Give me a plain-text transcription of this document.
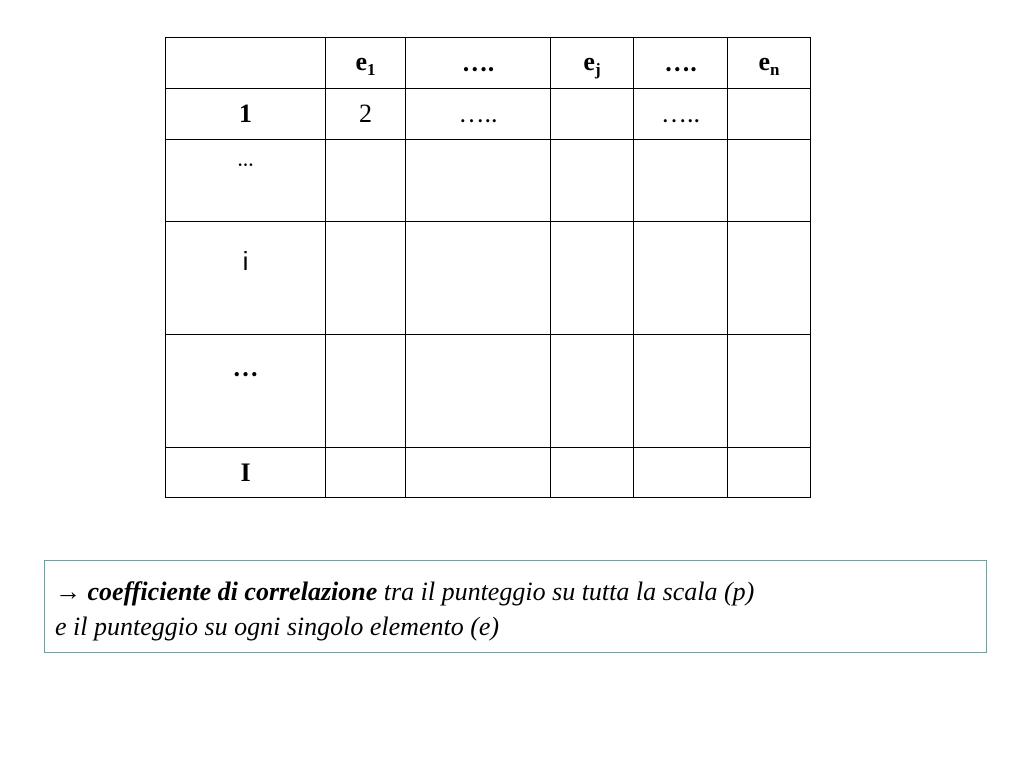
	$e_1$	….	$e_j$	….	$e_n$
1	2	…..		…..	
…					
i					
…					
I					
→ coefficiente di correlazione tra il punteggio su tutta la scala (p)
e il punteggio su ogni singolo elemento (e)
